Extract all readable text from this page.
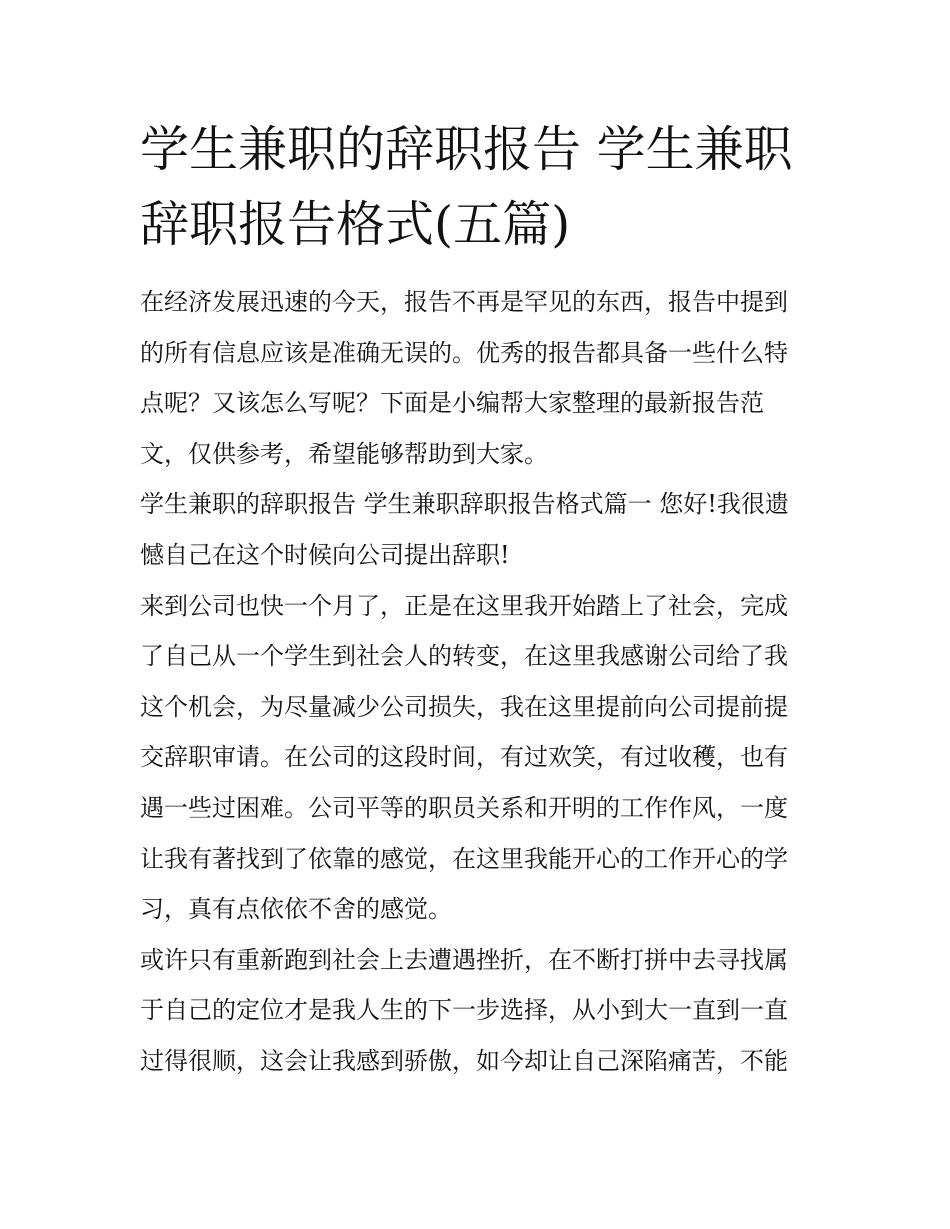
学生兼职的辞职报告 学生兼职
辞职报告格式(五篇)
在经济发展迅速的今天，报告不再是罕见的东西，报告中提到
的所有信息应该是准确无误的。优秀的报告都具备一些什么特
点呢？又该怎么写呢？下面是小编帮大家整理的最新报告范
文，仅供参考，希望能够帮助到大家。
学生兼职的辞职报告 学生兼职辞职报告格式篇一 您好!我很遗
憾自己在这个时候向公司提出辞职!
来到公司也快一个月了，正是在这里我开始踏上了社会，完成
了自己从一个学生到社会人的转变，在这里我感谢公司给了我
这个机会，为尽量减少公司损失，我在这里提前向公司提前提
交辞职审请。在公司的这段时间，有过欢笑，有过收穫，也有
遇一些过困难。公司平等的职员关系和开明的工作作风，一度
让我有著找到了依靠的感觉，在这里我能开心的工作开心的学
习，真有点依依不舍的感觉。
或许只有重新跑到社会上去遭遇挫折，在不断打拼中去寻找属
于自己的定位才是我人生的下一步选择，从小到大一直到一直
过得很顺，这会让我感到骄傲，如今却让自己深陷痛苦，不能
